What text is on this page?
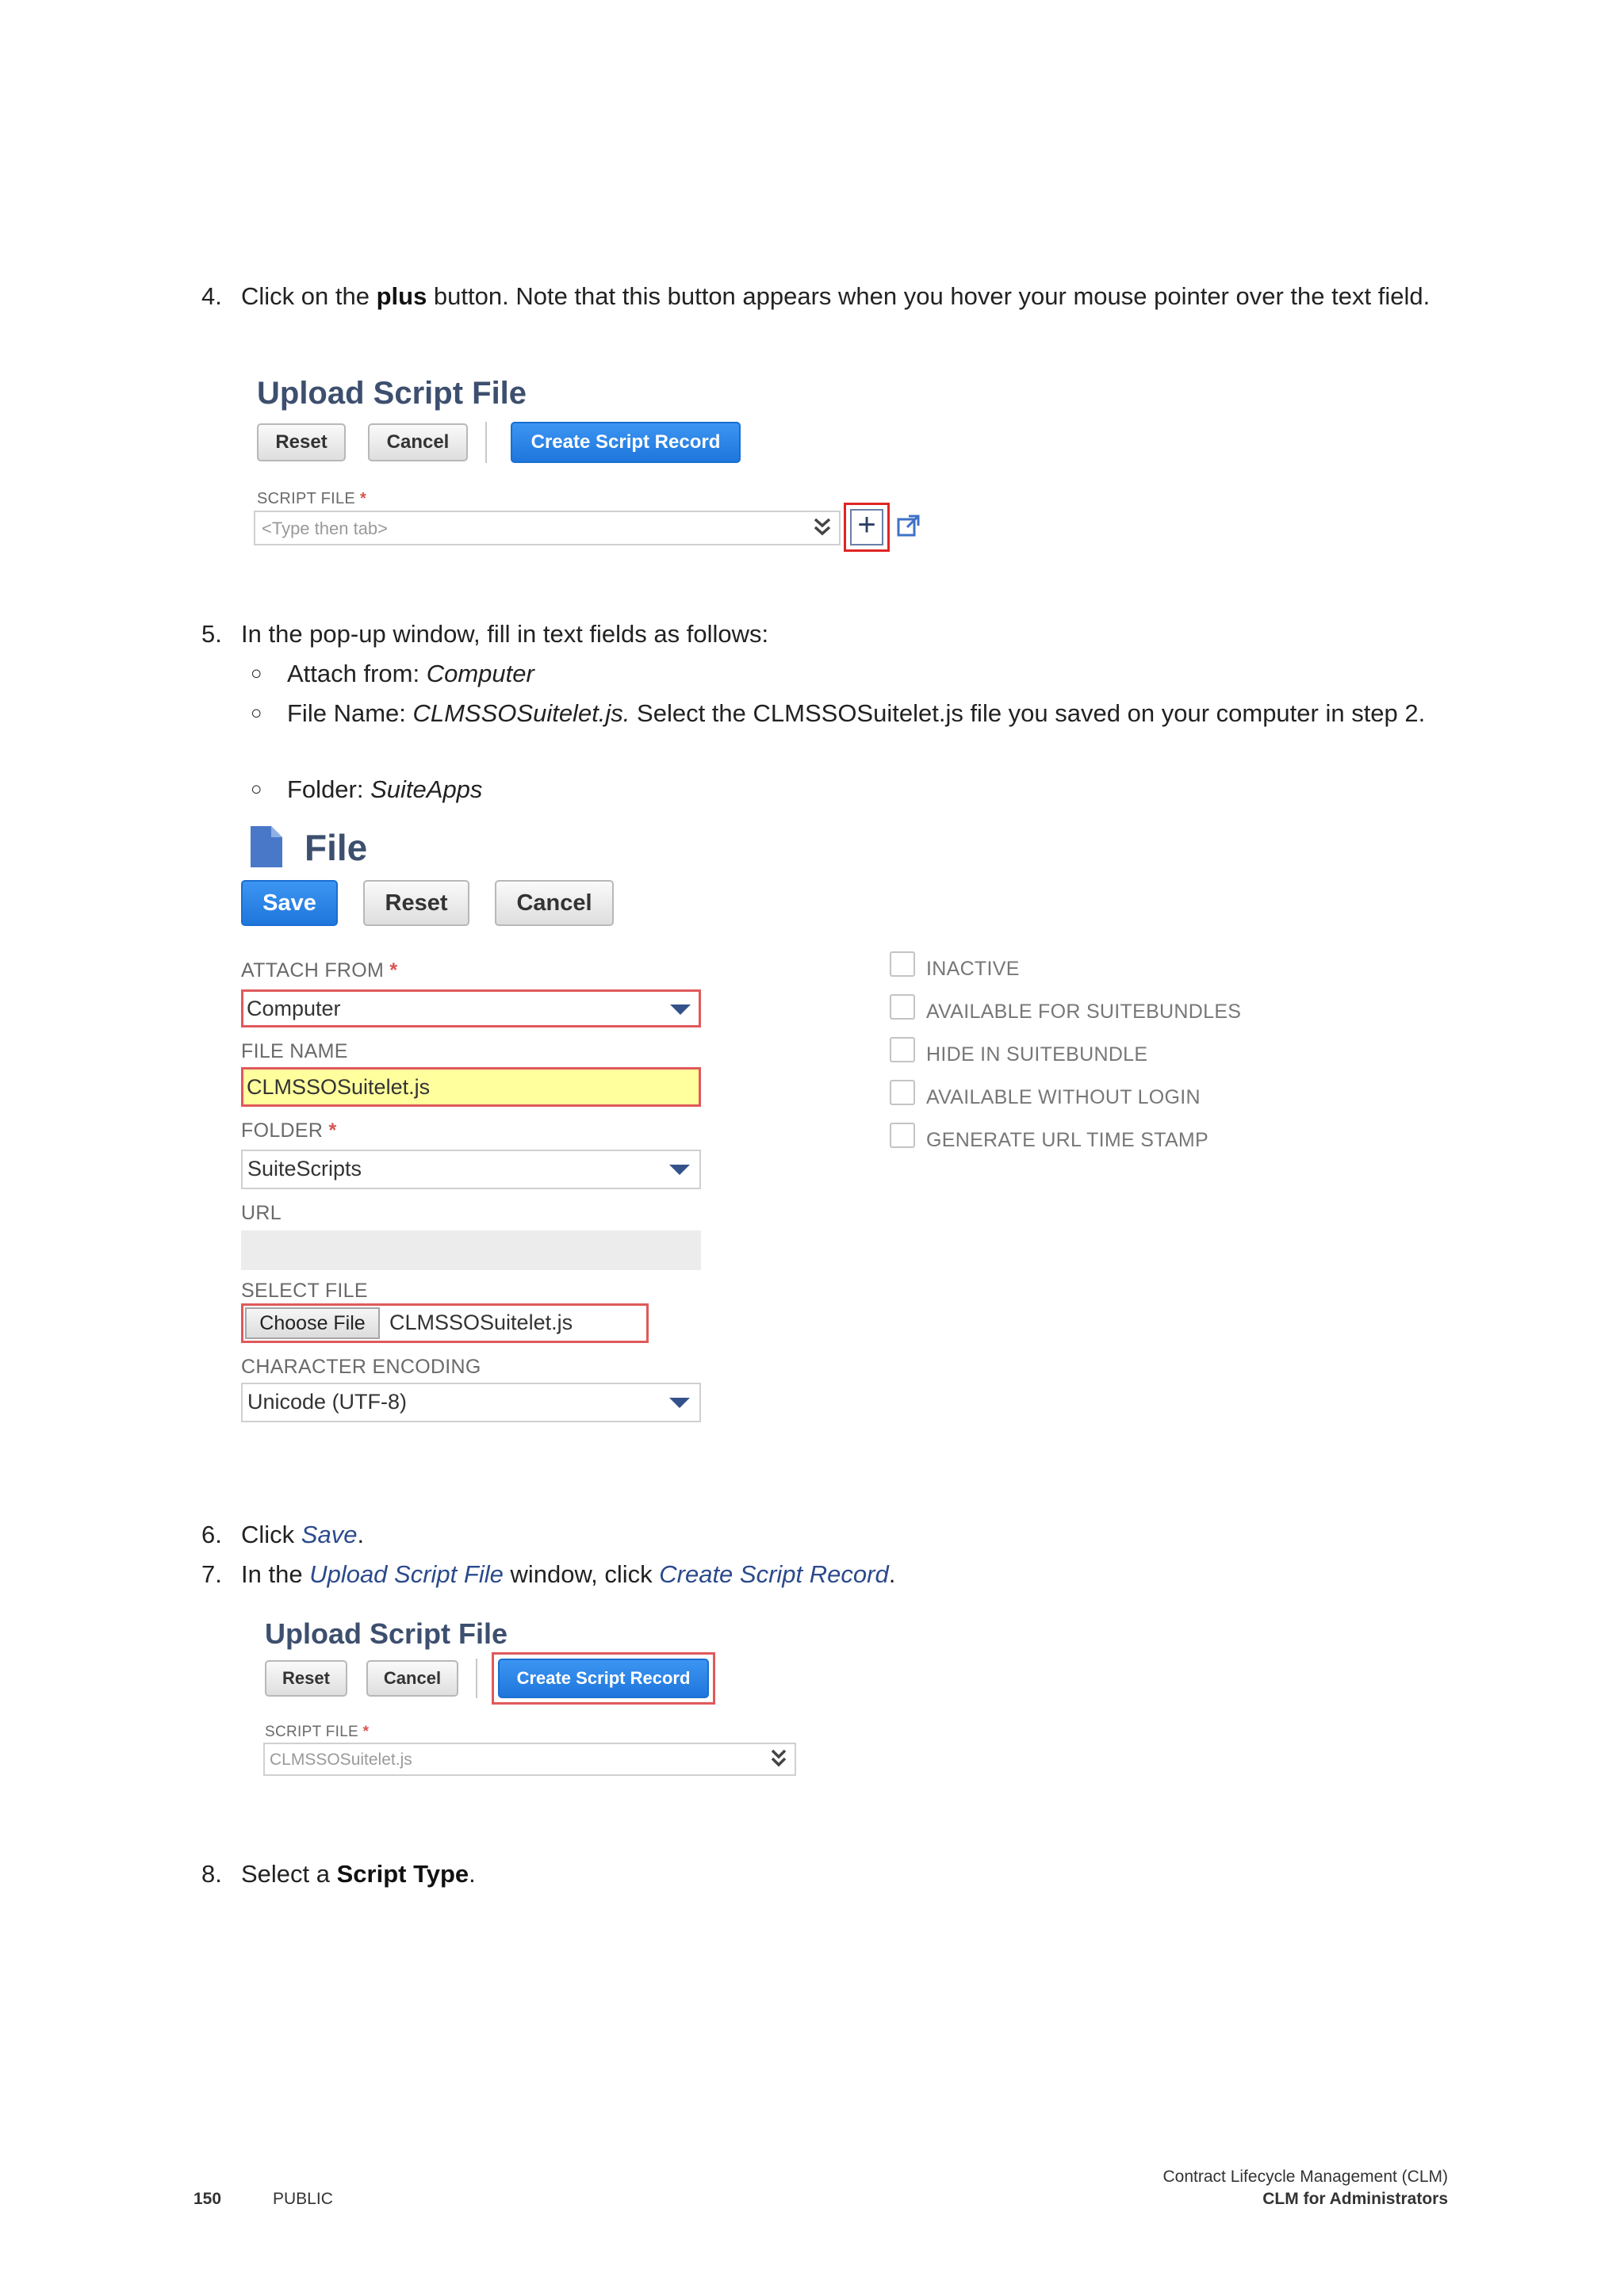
4. Click on the plus button. Note that this button appears when you hover your mouse pointer over the text field.
Upload Script File
Reset	Cancel	Create Script Record
SCRIPT FILE *
<Type then tab>	+
5. In the pop-up window, fill in text fields as follows:
○ Attach from: Computer
○ File Name: CLMSSOSuitelet.js. Select the CLMSSOSuitelet.js file you saved on your computer in step 2.
○ Folder: SuiteApps
File
Save	Reset	Cancel
ATTACH FROM *
Computer
FILE NAME
CLMSSOSuitelet.js
FOLDER *
SuiteScripts
URL
SELECT FILE
Choose File	CLMSSOSuitelet.js
CHARACTER ENCODING
Unicode (UTF-8)
INACTIVE
AVAILABLE FOR SUITEBUNDLES
HIDE IN SUITEBUNDLE
AVAILABLE WITHOUT LOGIN
GENERATE URL TIME STAMP
6. Click Save.
7. In the Upload Script File window, click Create Script Record.
Upload Script File
Reset	Cancel	Create Script Record
SCRIPT FILE *
CLMSSOSuitelet.js
8. Select a Script Type.
150	PUBLIC
Contract Lifecycle Management (CLM)
CLM for Administrators
